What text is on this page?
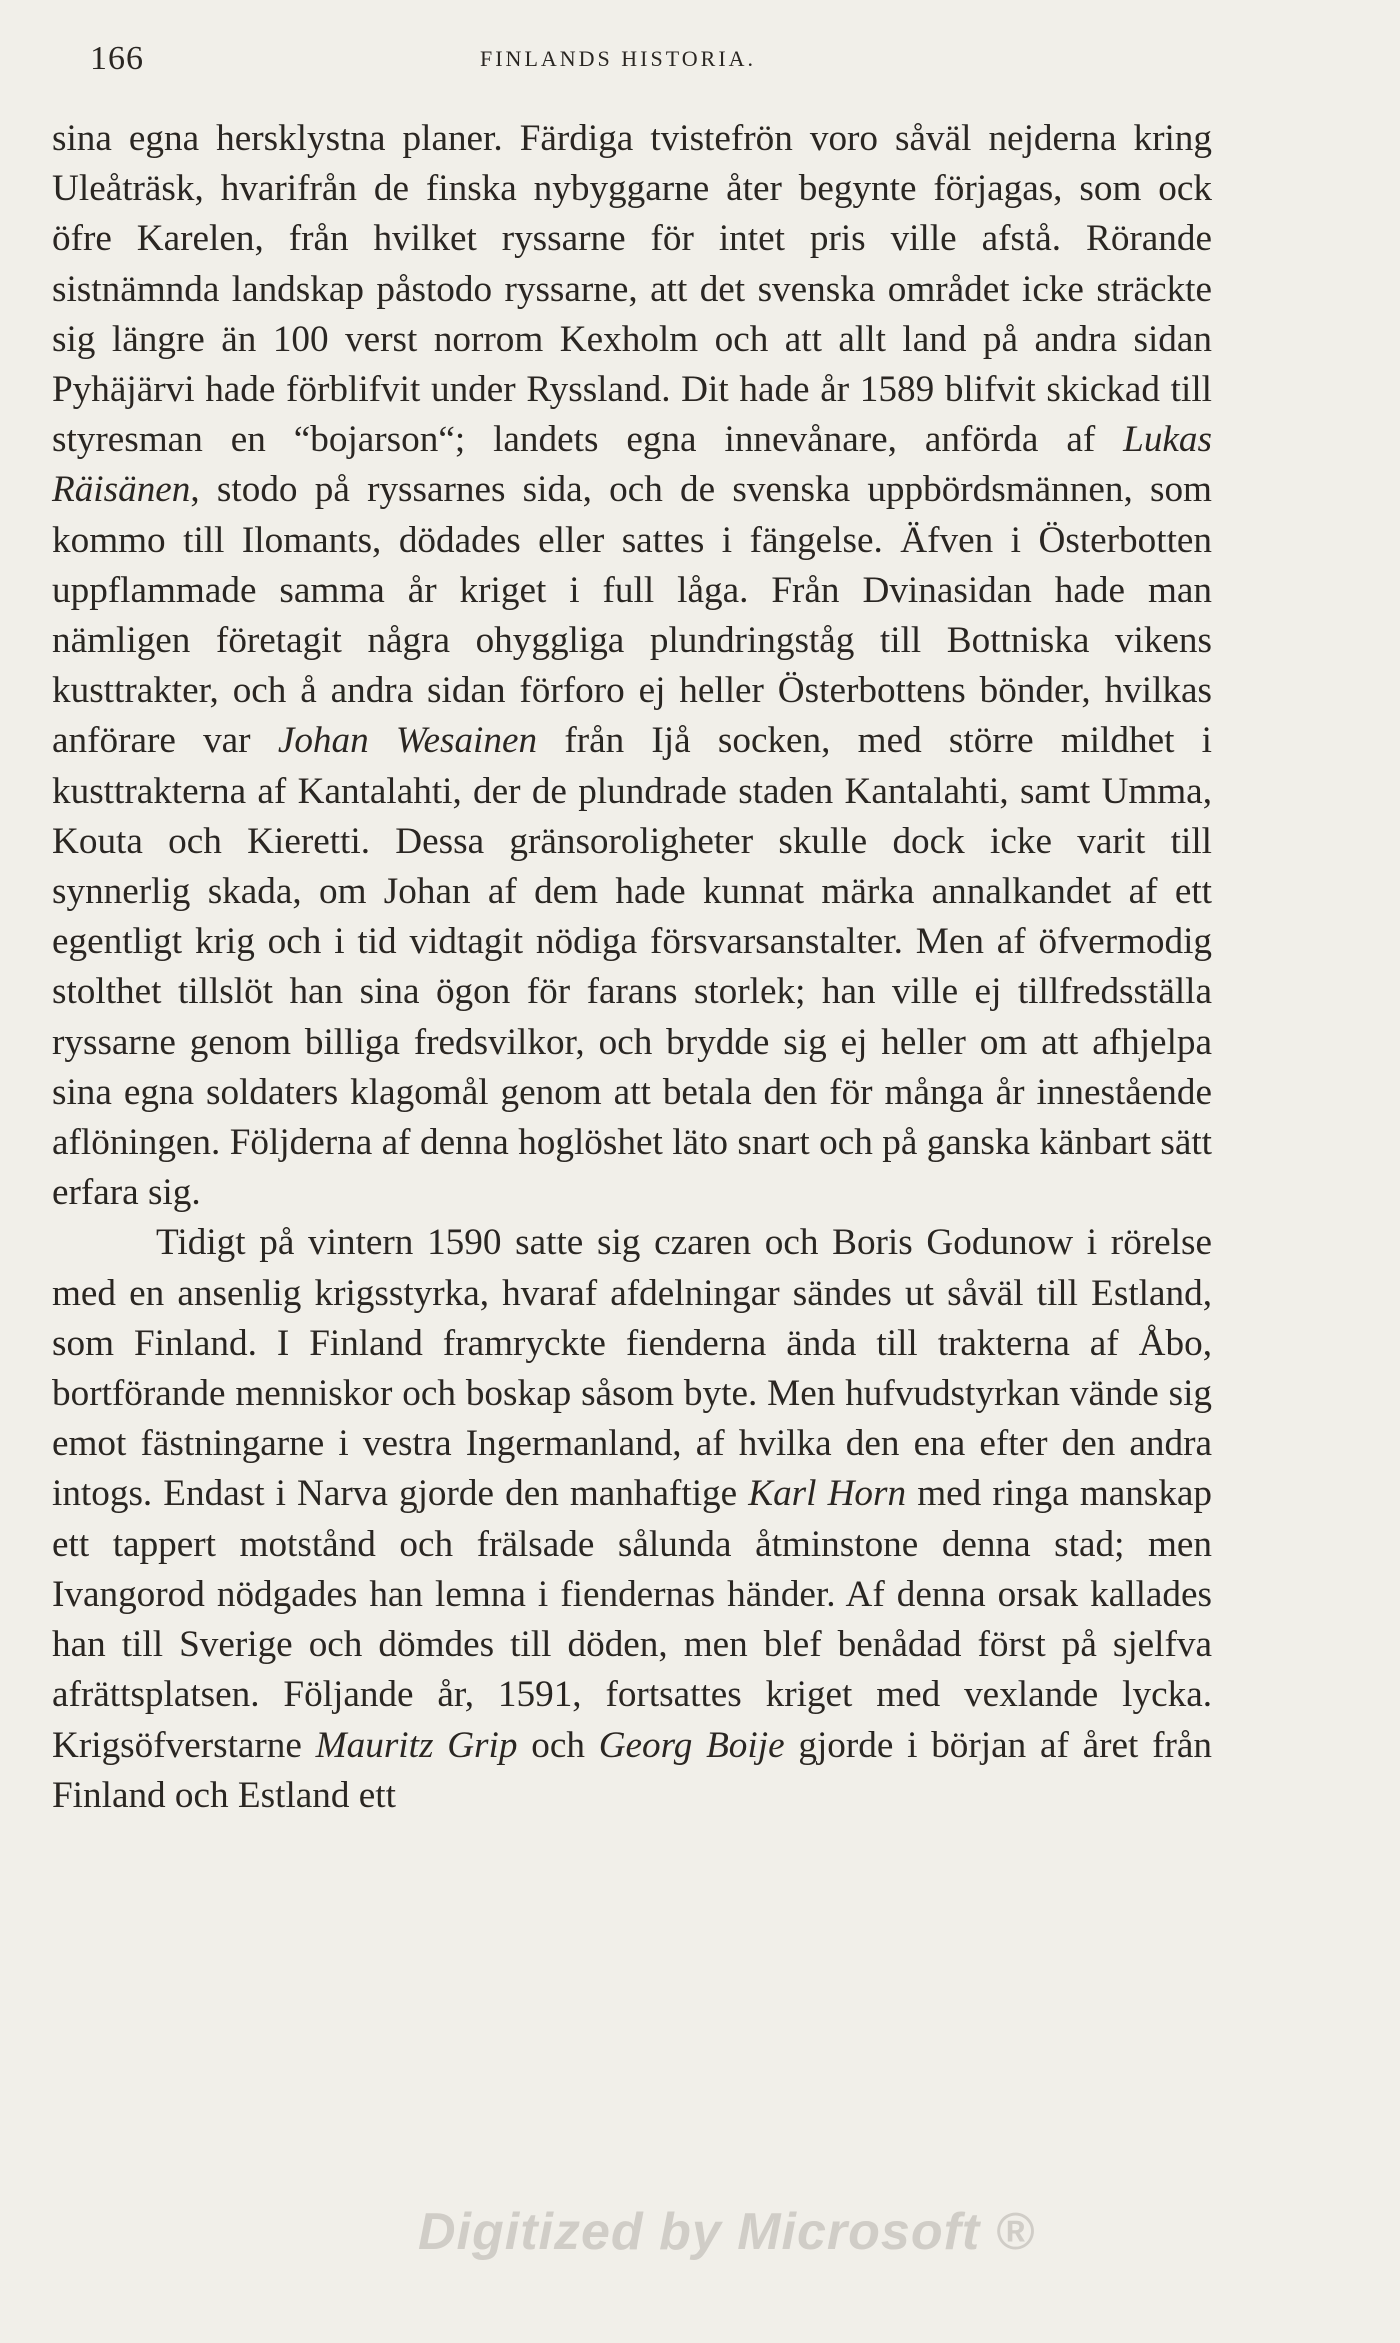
166	FINLANDS HISTORIA.

sina egna hersklystna planer. Färdiga tvistefrön voro såväl nejderna kring Uleåträsk, hvarifrån de finska nybyggarne åter begynte förjagas, som ock öfre Karelen, från hvilket ryssarne för intet pris ville afstå. Rörande sistnämnda landskap påstodo ryssarne, att det svenska området icke sträckte sig längre än 100 verst norrom Kexholm och att allt land på andra sidan Pyhäjärvi hade förblifvit under Ryssland. Dit hade år 1589 blifvit skickad till styresman en “bojarson“; landets egna innevånare, anförda af Lukas Räisänen, stodo på ryssarnes sida, och de svenska uppbördsmännen, som kommo till Ilomants, dödades eller sattes i fängelse. Äfven i Österbotten uppflammade samma år kriget i full låga. Från Dvinasidan hade man nämligen företagit några ohyggliga plundringståg till Bottniska vikens kusttrakter, och å andra sidan förforo ej heller Österbottens bönder, hvilkas anförare var Johan Wesainen från Ijå socken, med större mildhet i kusttrakterna af Kantalahti, der de plundrade staden Kantalahti, samt Umma, Kouta och Kieretti. Dessa gränsoroligheter skulle dock icke varit till synnerlig skada, om Johan af dem hade kunnat märka annalkandet af ett egentligt krig och i tid vidtagit nödiga försvarsanstalter. Men af öfvermodig stolthet tillslöt han sina ögon för farans storlek; han ville ej tillfredsställa ryssarne genom billiga fredsvilkor, och brydde sig ej heller om att afhjelpa sina egna soldaters klagomål genom att betala den för många år innestående aflöningen. Följderna af denna hoglöshet läto snart och på ganska känbart sätt erfara sig.

Tidigt på vintern 1590 satte sig czaren och Boris Godunow i rörelse med en ansenlig krigsstyrka, hvaraf afdelningar sändes ut såväl till Estland, som Finland. I Finland framryckte fienderna ända till trakterna af Åbo, bortförande menniskor och boskap såsom byte. Men hufvudstyrkan vände sig emot fästningarne i vestra Ingermanland, af hvilka den ena efter den andra intogs. Endast i Narva gjorde den manhaftige Karl Horn med ringa manskap ett tappert motstånd och frälsade sålunda åtminstone denna stad; men Ivangorod nödgades han lemna i fiendernas händer. Af denna orsak kallades han till Sverige och dömdes till döden, men blef benådad först på sjelfva afrättsplatsen. Följande år, 1591, fortsattes kriget med vexlande lycka. Krigsöfverstarne Mauritz Grip och Georg Boije gjorde i början af året från Finland och Estland ett

Digitized by Microsoft ®
